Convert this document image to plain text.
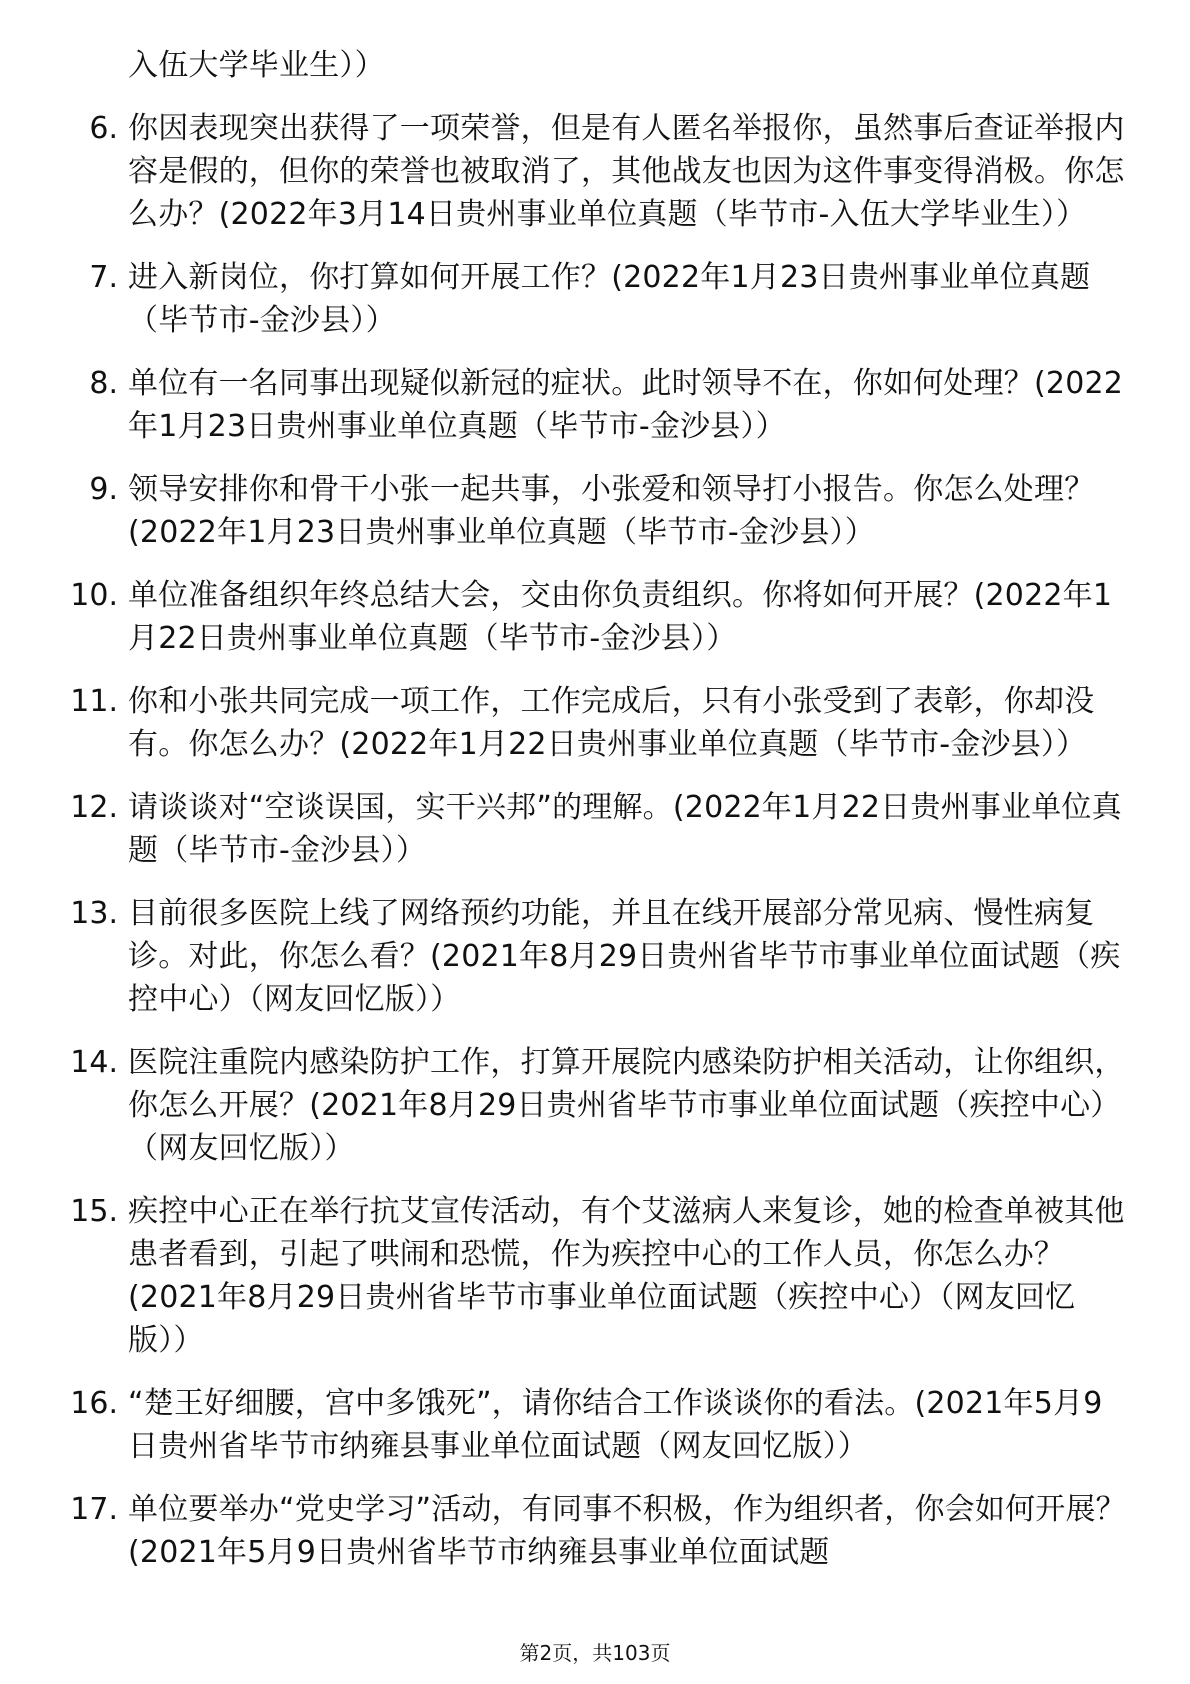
入伍大学毕业生））
6. 你因表现突出获得了一项荣誉，但是有人匿名举报你，虽然事后查证举报内容是假的，但你的荣誉也被取消了，其他战友也因为这件事变得消极。你怎么办？(2022年3月14日贵州事业单位真题（毕节市-入伍大学毕业生））
7. 进入新岗位，你打算如何开展工作？(2022年1月23日贵州事业单位真题（毕节市-金沙县））
8. 单位有一名同事出现疑似新冠的症状。此时领导不在，你如何处理？(2022年1月23日贵州事业单位真题（毕节市-金沙县））
9. 领导安排你和骨干小张一起共事，小张爱和领导打小报告。你怎么处理？(2022年1月23日贵州事业单位真题（毕节市-金沙县））
10. 单位准备组织年终总结大会，交由你负责组织。你将如何开展？(2022年1月22日贵州事业单位真题（毕节市-金沙县））
11. 你和小张共同完成一项工作，工作完成后，只有小张受到了表彰，你却没有。你怎么办？(2022年1月22日贵州事业单位真题（毕节市-金沙县））
12. 请谈谈对“空谈误国，实干兴邦”的理解。(2022年1月22日贵州事业单位真题（毕节市-金沙县））
13. 目前很多医院上线了网络预约功能，并且在线开展部分常见病、慢性病复诊。对此，你怎么看？(2021年8月29日贵州省毕节市事业单位面试题（疾控中心）（网友回忆版））
14. 医院注重院内感染防护工作，打算开展院内感染防护相关活动，让你组织，你怎么开展？(2021年8月29日贵州省毕节市事业单位面试题（疾控中心）（网友回忆版））
15. 疾控中心正在举行抗艾宣传活动，有个艾滋病人来复诊，她的检查单被其他患者看到，引起了哄闹和恐慌，作为疾控中心的工作人员，你怎么办？(2021年8月29日贵州省毕节市事业单位面试题（疾控中心）（网友回忆版））
16. “楚王好细腰，宫中多饿死”，请你结合工作谈谈你的看法。(2021年5月9日贵州省毕节市纳雍县事业单位面试题（网友回忆版））
17. 单位要举办“党史学习”活动，有同事不积极，作为组织者，你会如何开展？(2021年5月9日贵州省毕节市纳雍县事业单位面试题
第2页，共103页
